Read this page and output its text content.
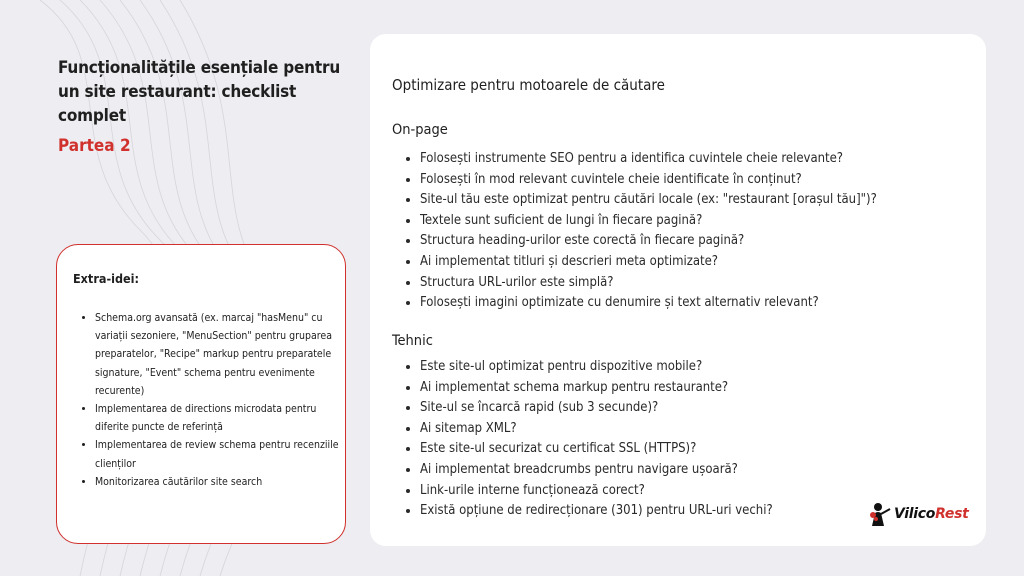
Funcționalitățile esențiale pentru un site restaurant: checklist complet
Partea 2
Extra-idei:
• Schema.org avansată (ex. marcaj "hasMenu" cu variații sezoniere, "MenuSection" pentru gruparea preparatelor, "Recipe" markup pentru preparatele signature, "Event" schema pentru evenimente recurente)
• Implementarea de directions microdata pentru diferite puncte de referință
• Implementarea de review schema pentru recenziile clienților
• Monitorizarea căutărilor site search
Optimizare pentru motoarele de căutare
On-page
• Folosești instrumente SEO pentru a identifica cuvintele cheie relevante?
• Folosești în mod relevant cuvintele cheie identificate în conținut?
• Site-ul tău este optimizat pentru căutări locale (ex: "restaurant [orașul tău]")?
• Textele sunt suficient de lungi în fiecare pagină?
• Structura heading-urilor este corectă în fiecare pagină?
• Ai implementat titluri și descrieri meta optimizate?
• Structura URL-urilor este simplă?
• Folosești imagini optimizate cu denumire și text alternativ relevant?
Tehnic
• Este site-ul optimizat pentru dispozitive mobile?
• Ai implementat schema markup pentru restaurante?
• Site-ul se încarcă rapid (sub 3 secunde)?
• Ai sitemap XML?
• Este site-ul securizat cu certificat SSL (HTTPS)?
• Ai implementat breadcrumbs pentru navigare ușoară?
• Link-urile interne funcționează corect?
• Există opțiune de redirecționare (301) pentru URL-uri vechi?	VilicoRest
